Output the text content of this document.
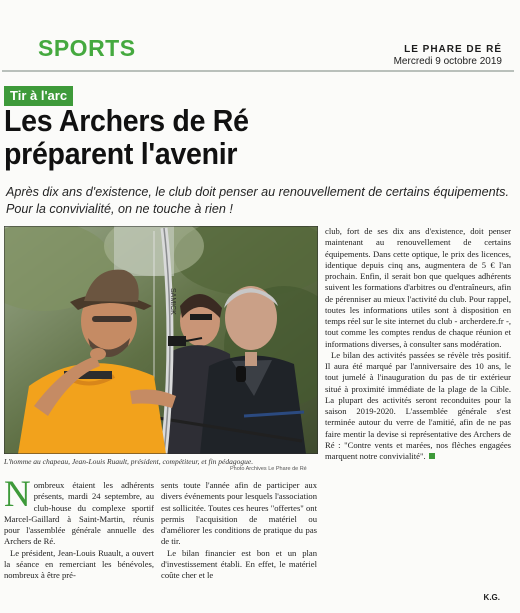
SPORTS	LE PHARE DE RÉ
Mercredi 9 octobre 2019
Tir à l'arc
Les Archers de Ré
préparent l'avenir
Après dix ans d'existence, le club doit penser au renouvellement de certains équipements. Pour la convivialité, on ne touche à rien !
SAMICK
L'homme au chapeau, Jean-Louis Ruault, président, compétiteur, et fin pédagogue.
Photo Archives Le Phare de Ré

Nombreux étaient les adhérents présents, mardi 24 septembre, au club-house du complexe sportif Marcel-Gaillard à Saint-Martin, réunis pour l'assemblée générale annuelle des Archers de Ré.

Le président, Jean-Louis Ruault, a ouvert la séance en remerciant les bénévoles, nombreux à être pré-

sents toute l'année afin de participer aux divers événements pour lesquels l'association est sollicitée. Toutes ces heures "offertes" ont permis l'acquisition de matériel ou d'améliorer les conditions de pratique du pas de tir.

Le bilan financier est bon et un plan d'investissement établi. En effet, le matériel coûte cher et le

club, fort de ses dix ans d'existence, doit penser maintenant au renouvellement de certains équipements. Dans cette optique, le prix des licences, identique depuis cinq ans, augmentera de 5 € l'an prochain. Enfin, il serait bon que quelques adhérents suivent les formations d'arbitres ou d'entraîneurs, afin de pérenniser au mieux l'activité du club. Pour rappel, toutes les informations utiles sont à disposition en temps réel sur le site internet du club - archerdere.fr -, tout comme les comptes rendus de chaque réunion et informations diverses, à consulter sans modération.

Le bilan des activités passées se révèle très positif. Il aura été marqué par l'anniversaire des 10 ans, le tout jumelé à l'inauguration du pas de tir extérieur situé à proximité immédiate de la plage de la Cible. La plupart des activités seront reconduites pour la saison 2019-2020. L'assemblée générale s'est terminée autour du verre de l'amitié, afin de ne pas faire mentir la devise si représentative des Archers de Ré : "Contre vents et marées, nos flèches engagées marquent notre convivialité".

K.G.
